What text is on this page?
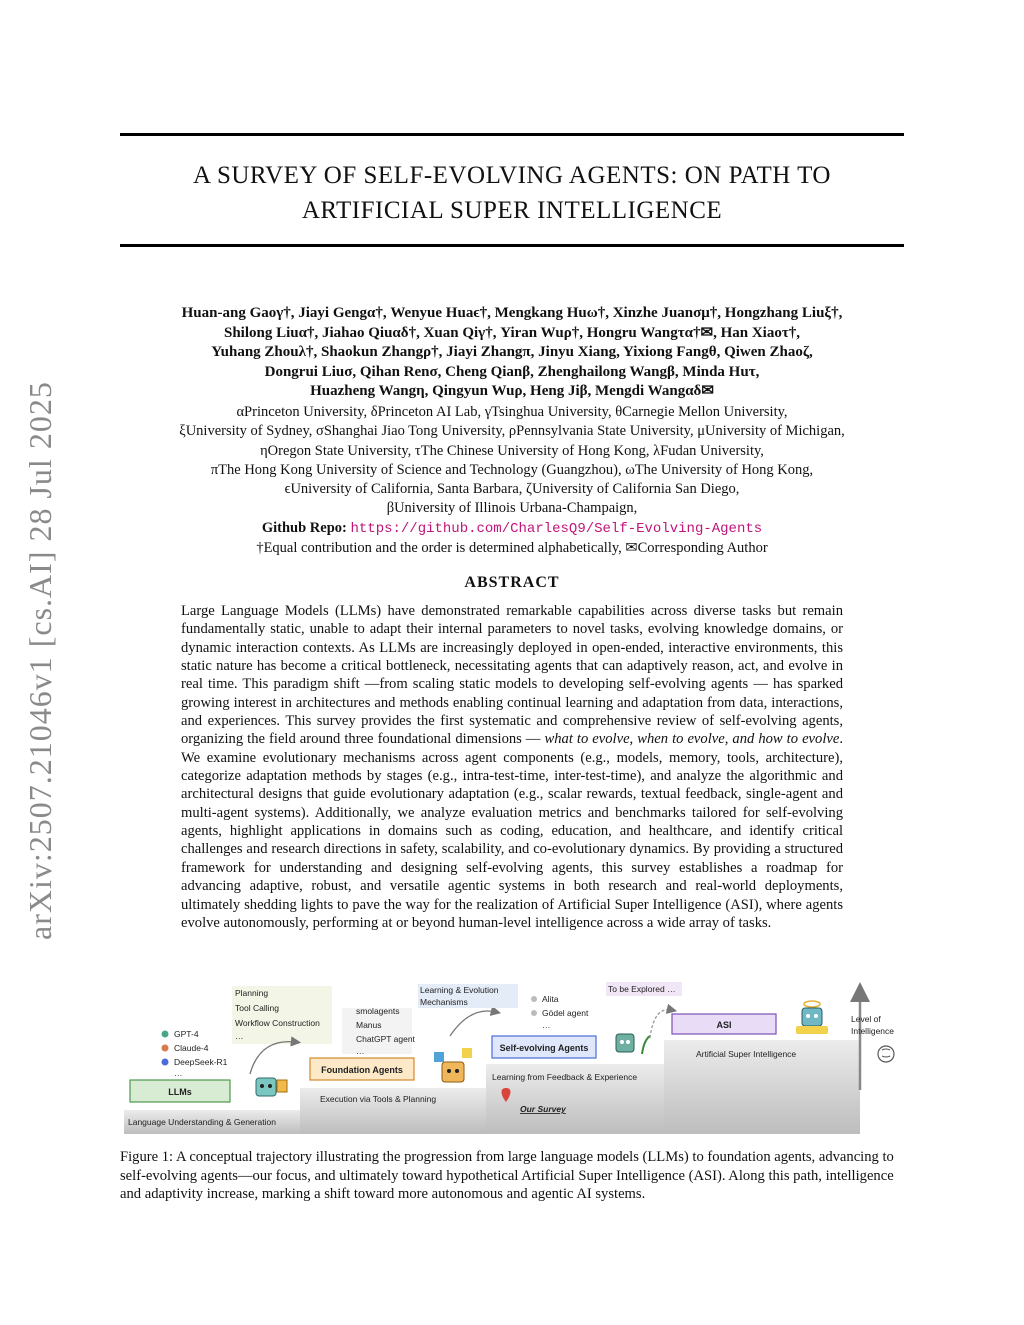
arXiv:2507.21046v1 [cs.AI] 28 Jul 2025
A SURVEY OF SELF-EVOLVING AGENTS: ON PATH TO
ARTIFICIAL SUPER INTELLIGENCE
Huan-ang Gaoγ†, Jiayi Gengα†, Wenyue Huaϵ†, Mengkang Huω†, Xinzhe Juanσμ†, Hongzhang Liuξ†,
Shilong Liuα†, Jiahao Qiuαδ†, Xuan Qiγ†, Yiran Wuρ†, Hongru Wangτα†✉, Han Xiaoτ†,
Yuhang Zhouλ†, Shaokun Zhangρ†, Jiayi Zhangπ, Jinyu Xiang, Yixiong Fangθ, Qiwen Zhaoζ,
Dongrui Liuσ, Qihan Renσ, Cheng Qianβ, Zhenghailong Wangβ, Minda Huτ,
Huazheng Wangη, Qingyun Wuρ, Heng Jiβ, Mengdi Wangαδ✉
αPrinceton University, δPrinceton AI Lab, γTsinghua University, θCarnegie Mellon University,
ξUniversity of Sydney, σShanghai Jiao Tong University, ρPennsylvania State University, μUniversity of Michigan,
ηOregon State University, τThe Chinese University of Hong Kong, λFudan University,
πThe Hong Kong University of Science and Technology (Guangzhou), ωThe University of Hong Kong,
ϵUniversity of California, Santa Barbara, ζUniversity of California San Diego,
βUniversity of Illinois Urbana-Champaign,
Github Repo: https://github.com/CharlesQ9/Self-Evolving-Agents
†Equal contribution and the order is determined alphabetically, ✉Corresponding Author
ABSTRACT
Large Language Models (LLMs) have demonstrated remarkable capabilities across diverse tasks but remain fundamentally static, unable to adapt their internal parameters to novel tasks, evolving knowledge domains, or dynamic interaction contexts. As LLMs are increasingly deployed in open-ended, interactive environments, this static nature has become a critical bottleneck, necessitating agents that can adaptively reason, act, and evolve in real time. This paradigm shift —from scaling static models to developing self-evolving agents — has sparked growing interest in architectures and methods enabling continual learning and adaptation from data, interactions, and experiences. This survey provides the first systematic and comprehensive review of self-evolving agents, organizing the field around three foundational dimensions — what to evolve, when to evolve, and how to evolve. We examine evolutionary mechanisms across agent components (e.g., models, memory, tools, architecture), categorize adaptation methods by stages (e.g., intra-test-time, inter-test-time), and analyze the algorithmic and architectural designs that guide evolutionary adaptation (e.g., scalar rewards, textual feedback, single-agent and multi-agent systems). Additionally, we analyze evaluation metrics and benchmarks tailored for self-evolving agents, highlight applications in domains such as coding, education, and healthcare, and identify critical challenges and research directions in safety, scalability, and co-evolutionary dynamics. By providing a structured framework for understanding and designing self-evolving agents, this survey establishes a roadmap for advancing adaptive, robust, and versatile agentic systems in both research and real-world deployments, ultimately shedding lights to pave the way for the realization of Artificial Super Intelligence (ASI), where agents evolve autonomously, performing at or beyond human-level intelligence across a wide array of tasks.
Language Understanding & Generation
Execution via Tools & Planning
Learning from Feedback & Experience
Artificial Super Intelligence
LLMs
GPT-4
Claude-4
DeepSeek-R1
…
Planning
Tool Calling
Workflow Construction
…
Foundation Agents
smolagents
Manus
ChatGPT agent
…
Learning & Evolution
Mechanisms
Self-evolving Agents
Alita
Gödel agent
…
Our Survey
To be Explored …
ASI
Level of
Intelligence
Figure 1: A conceptual trajectory illustrating the progression from large language models (LLMs) to foundation agents, advancing to self-evolving agents—our focus, and ultimately toward hypothetical Artificial Super Intelligence (ASI). Along this path, intelligence and adaptivity increase, marking a shift toward more autonomous and agentic AI systems.
